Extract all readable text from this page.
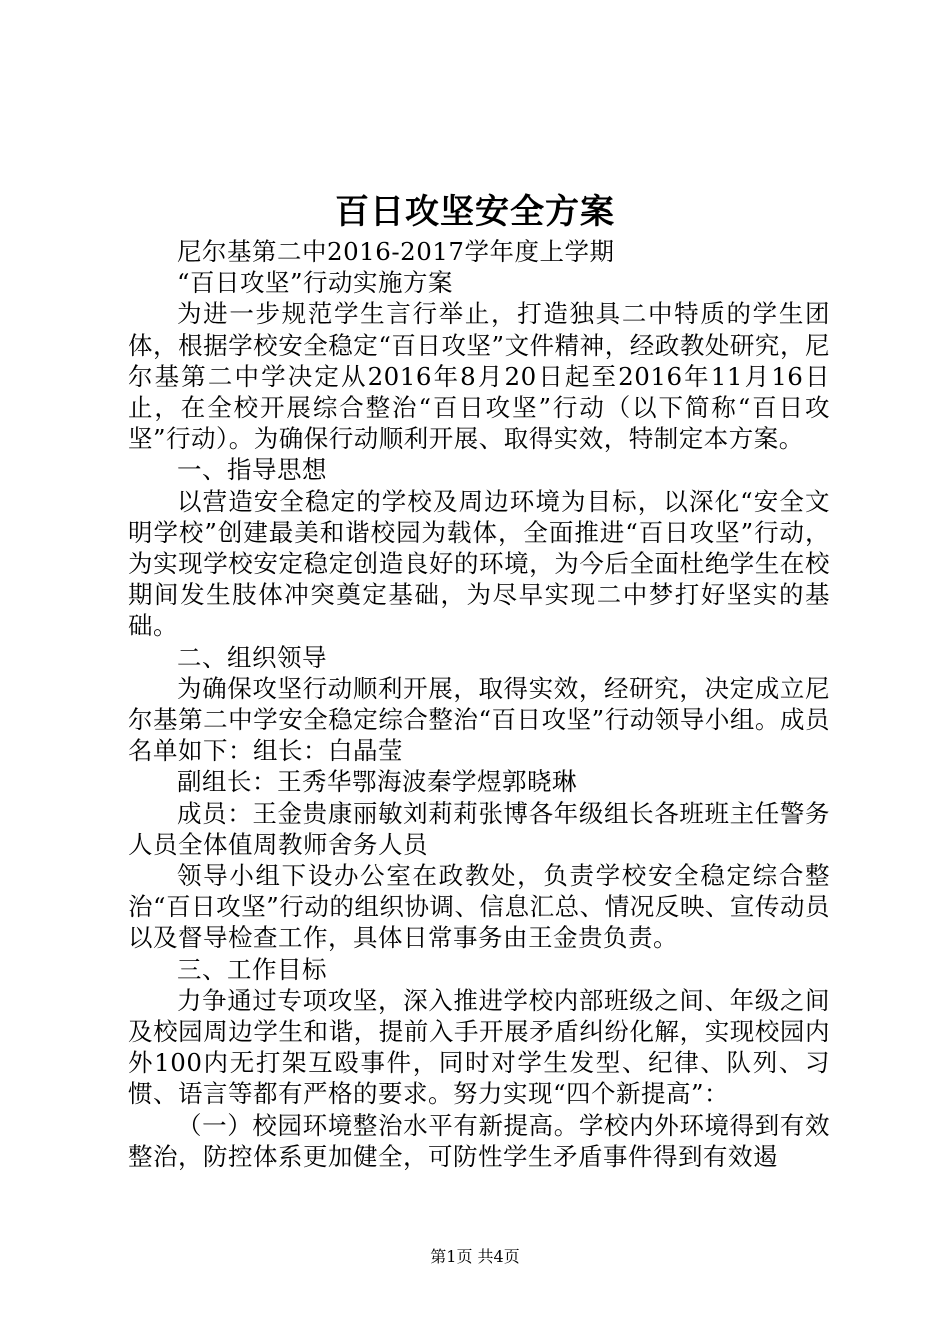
百日攻坚安全方案

尼尔基第二中2016-2017学年度上学期

“百日攻坚”行动实施方案

为进一步规范学生言行举止，打造独具二中特质的学生团体，根据学校安全稳定“百日攻坚”文件精神，经政教处研究，尼尔基第二中学决定从2016年8月20日起至2016年11月16日止，在全校开展综合整治“百日攻坚”行动（以下简称“百日攻坚”行动）。为确保行动顺利开展、取得实效，特制定本方案。

一、指导思想

以营造安全稳定的学校及周边环境为目标，以深化“安全文明学校”创建最美和谐校园为载体，全面推进“百日攻坚”行动，为实现学校安定稳定创造良好的环境，为今后全面杜绝学生在校期间发生肢体冲突奠定基础，为尽早实现二中梦打好坚实的基础。

二、组织领导

为确保攻坚行动顺利开展，取得实效，经研究，决定成立尼尔基第二中学安全稳定综合整治“百日攻坚”行动领导小组。成员名单如下：组长：白晶莹

副组长：王秀华鄂海波秦学煜郭晓琳

成员：王金贵康丽敏刘莉莉张博各年级组长各班班主任警务人员全体值周教师舍务人员

领导小组下设办公室在政教处，负责学校安全稳定综合整治“百日攻坚”行动的组织协调、信息汇总、情况反映、宣传动员以及督导检查工作，具体日常事务由王金贵负责。

三、工作目标

力争通过专项攻坚，深入推进学校内部班级之间、年级之间及校园周边学生和谐，提前入手开展矛盾纠纷化解，实现校园内外100内无打架互殴事件，同时对学生发型、纪律、队列、习惯、语言等都有严格的要求。努力实现“四个新提高”：

（一）校园环境整治水平有新提高。学校内外环境得到有效整治，防控体系更加健全，可防性学生矛盾事件得到有效遏

第1页 共4页
